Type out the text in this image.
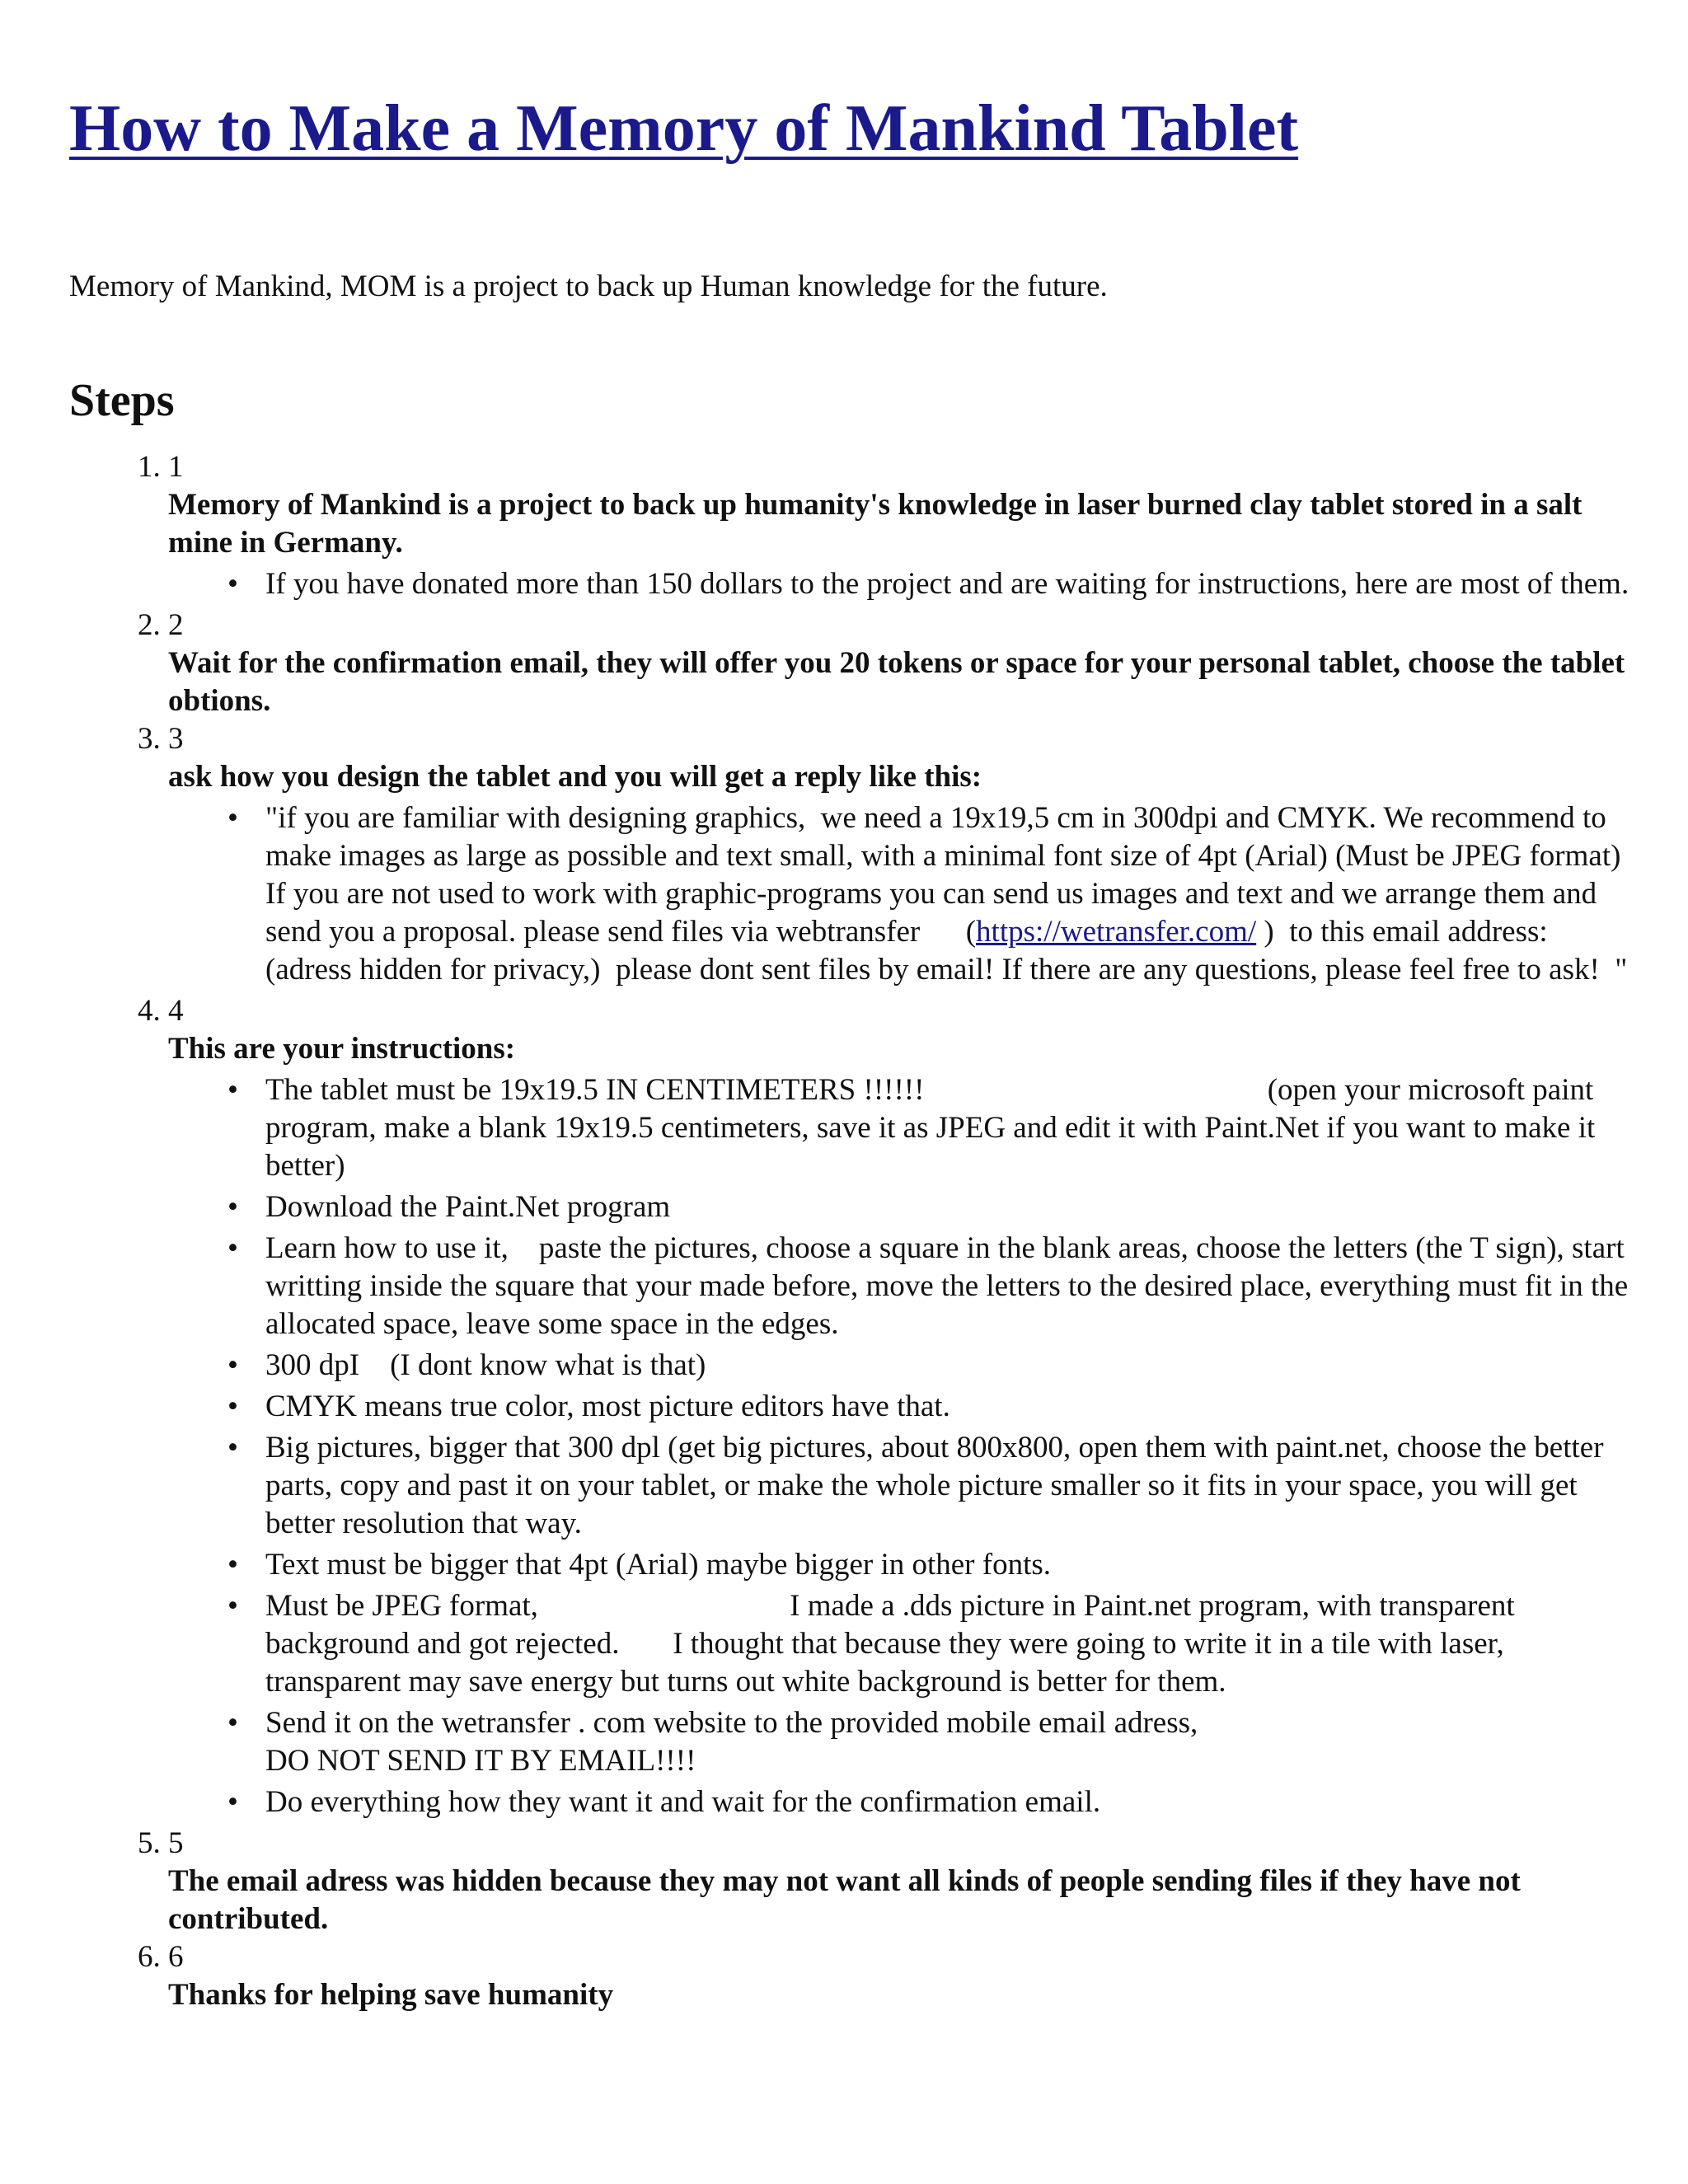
How to Make a Memory of Mankind Tablet

Memory of Mankind, MOM is a project to back up Human knowledge for the future.

Steps
1. 1
Memory of Mankind is a project to back up humanity's knowledge in laser burned clay tablet stored in a salt mine in Germany.
• If you have donated more than 150 dollars to the project and are waiting for instructions, here are most of them.
2. 2
Wait for the confirmation email, they will offer you 20 tokens or space for your personal tablet, choose the tablet obtions.
3. 3
ask how you design the tablet and you will get a reply like this:
• "if you are familiar with designing graphics,  we need a 19x19,5 cm in 300dpi and CMYK. We recommend to make images as large as possible and text small, with a minimal font size of 4pt (Arial) (Must be JPEG format) If you are not used to work with graphic-programs you can send us images and text and we arrange them and send you a proposal. please send files via webtransfer      (https://wetransfer.com/ )  to this email address:     (adress hidden for privacy,)  please dont sent files by email! If there are any questions, please feel free to ask!  "
4. 4
This are your instructions:
• The tablet must be 19x19.5 IN CENTIMETERS !!!!!!                                             (open your microsoft paint program, make a blank 19x19.5 centimeters, save it as JPEG and edit it with Paint.Net if you want to make it better)
• Download the Paint.Net program
• Learn how to use it,    paste the pictures, choose a square in the blank areas, choose the letters (the T sign), start writting inside the square that your made before, move the letters to the desired place, everything must fit in the allocated space, leave some space in the edges.
• 300 dpI    (I dont know what is that)
• CMYK means true color, most picture editors have that.
• Big pictures, bigger that 300 dpl (get big pictures, about 800x800, open them with paint.net, choose the better parts, copy and past it on your tablet, or make the whole picture smaller so it fits in your space, you will get better resolution that way.
• Text must be bigger that 4pt (Arial) maybe bigger in other fonts.
• Must be JPEG format,                                 I made a .dds picture in Paint.net program, with transparent background and got rejected.       I thought that because they were going to write it in a tile with laser, transparent may save energy but turns out white background is better for them.
• Send it on the wetransfer . com website to the provided mobile email adress,                                                       DO NOT SEND IT BY EMAIL!!!!
• Do everything how they want it and wait for the confirmation email.
5. 5
The email adress was hidden because they may not want all kinds of people sending files if they have not contributed.
6. 6
Thanks for helping save humanity
